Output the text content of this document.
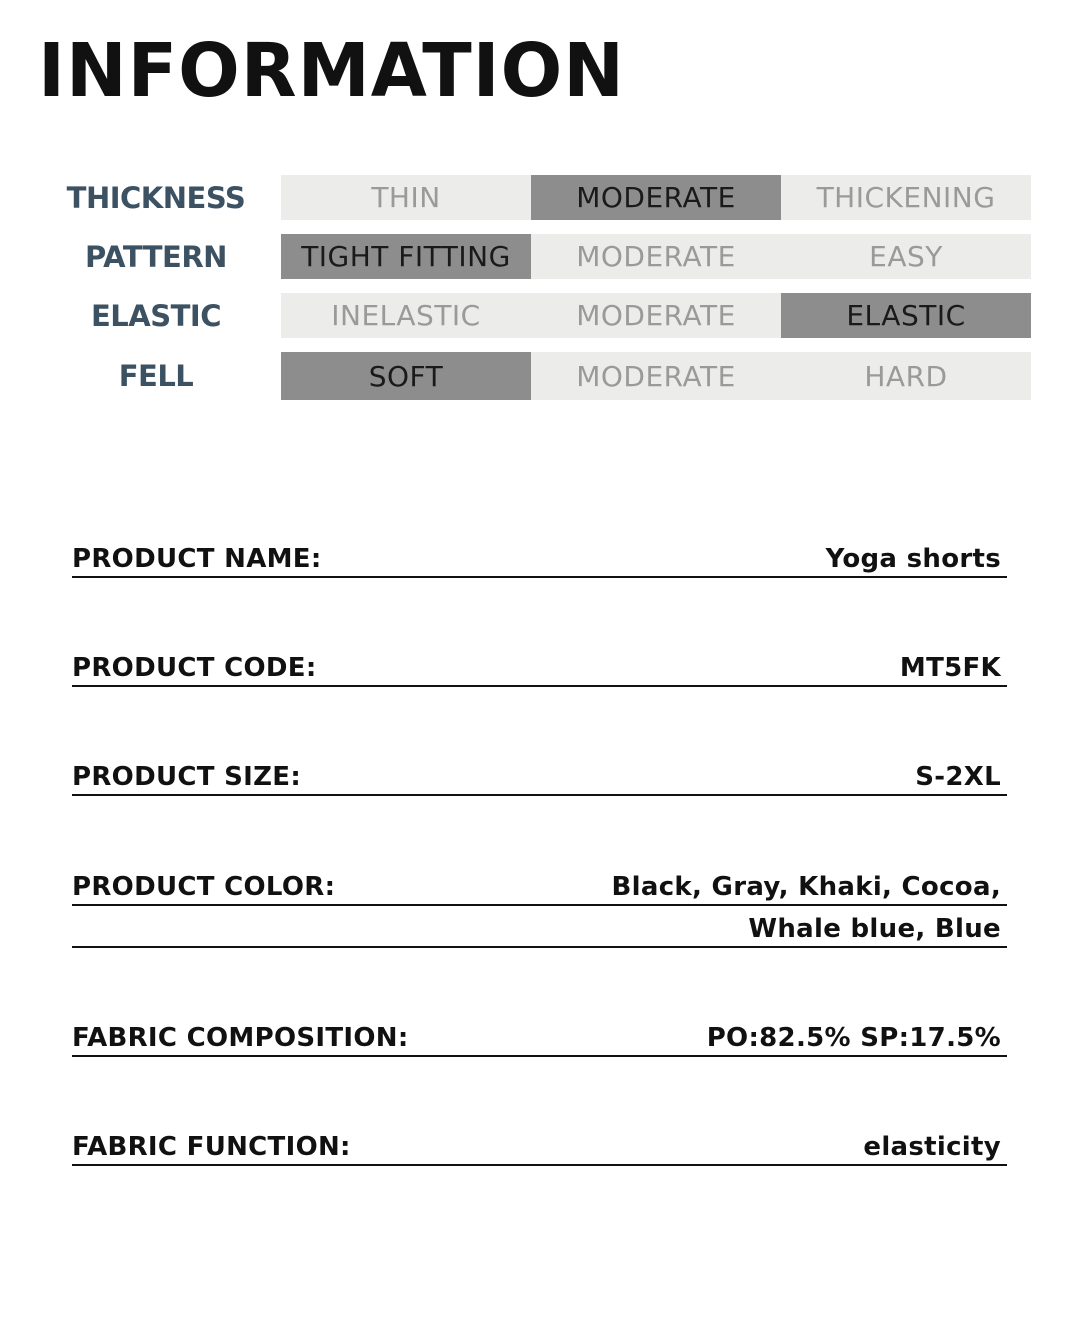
INFORMATION
THICKNESS	THIN	MODERATE	THICKENING
PATTERN	TIGHT FITTING	MODERATE	EASY
ELASTIC	INELASTIC	MODERATE	ELASTIC
FELL	SOFT	MODERATE	HARD
PRODUCT NAME:	Yoga shorts
PRODUCT CODE:	MT5FK
PRODUCT SIZE:	S-2XL
PRODUCT COLOR:	Black, Gray, Khaki, Cocoa,
Whale blue, Blue
FABRIC COMPOSITION:	PO:82.5% SP:17.5%
FABRIC FUNCTION:	elasticity
